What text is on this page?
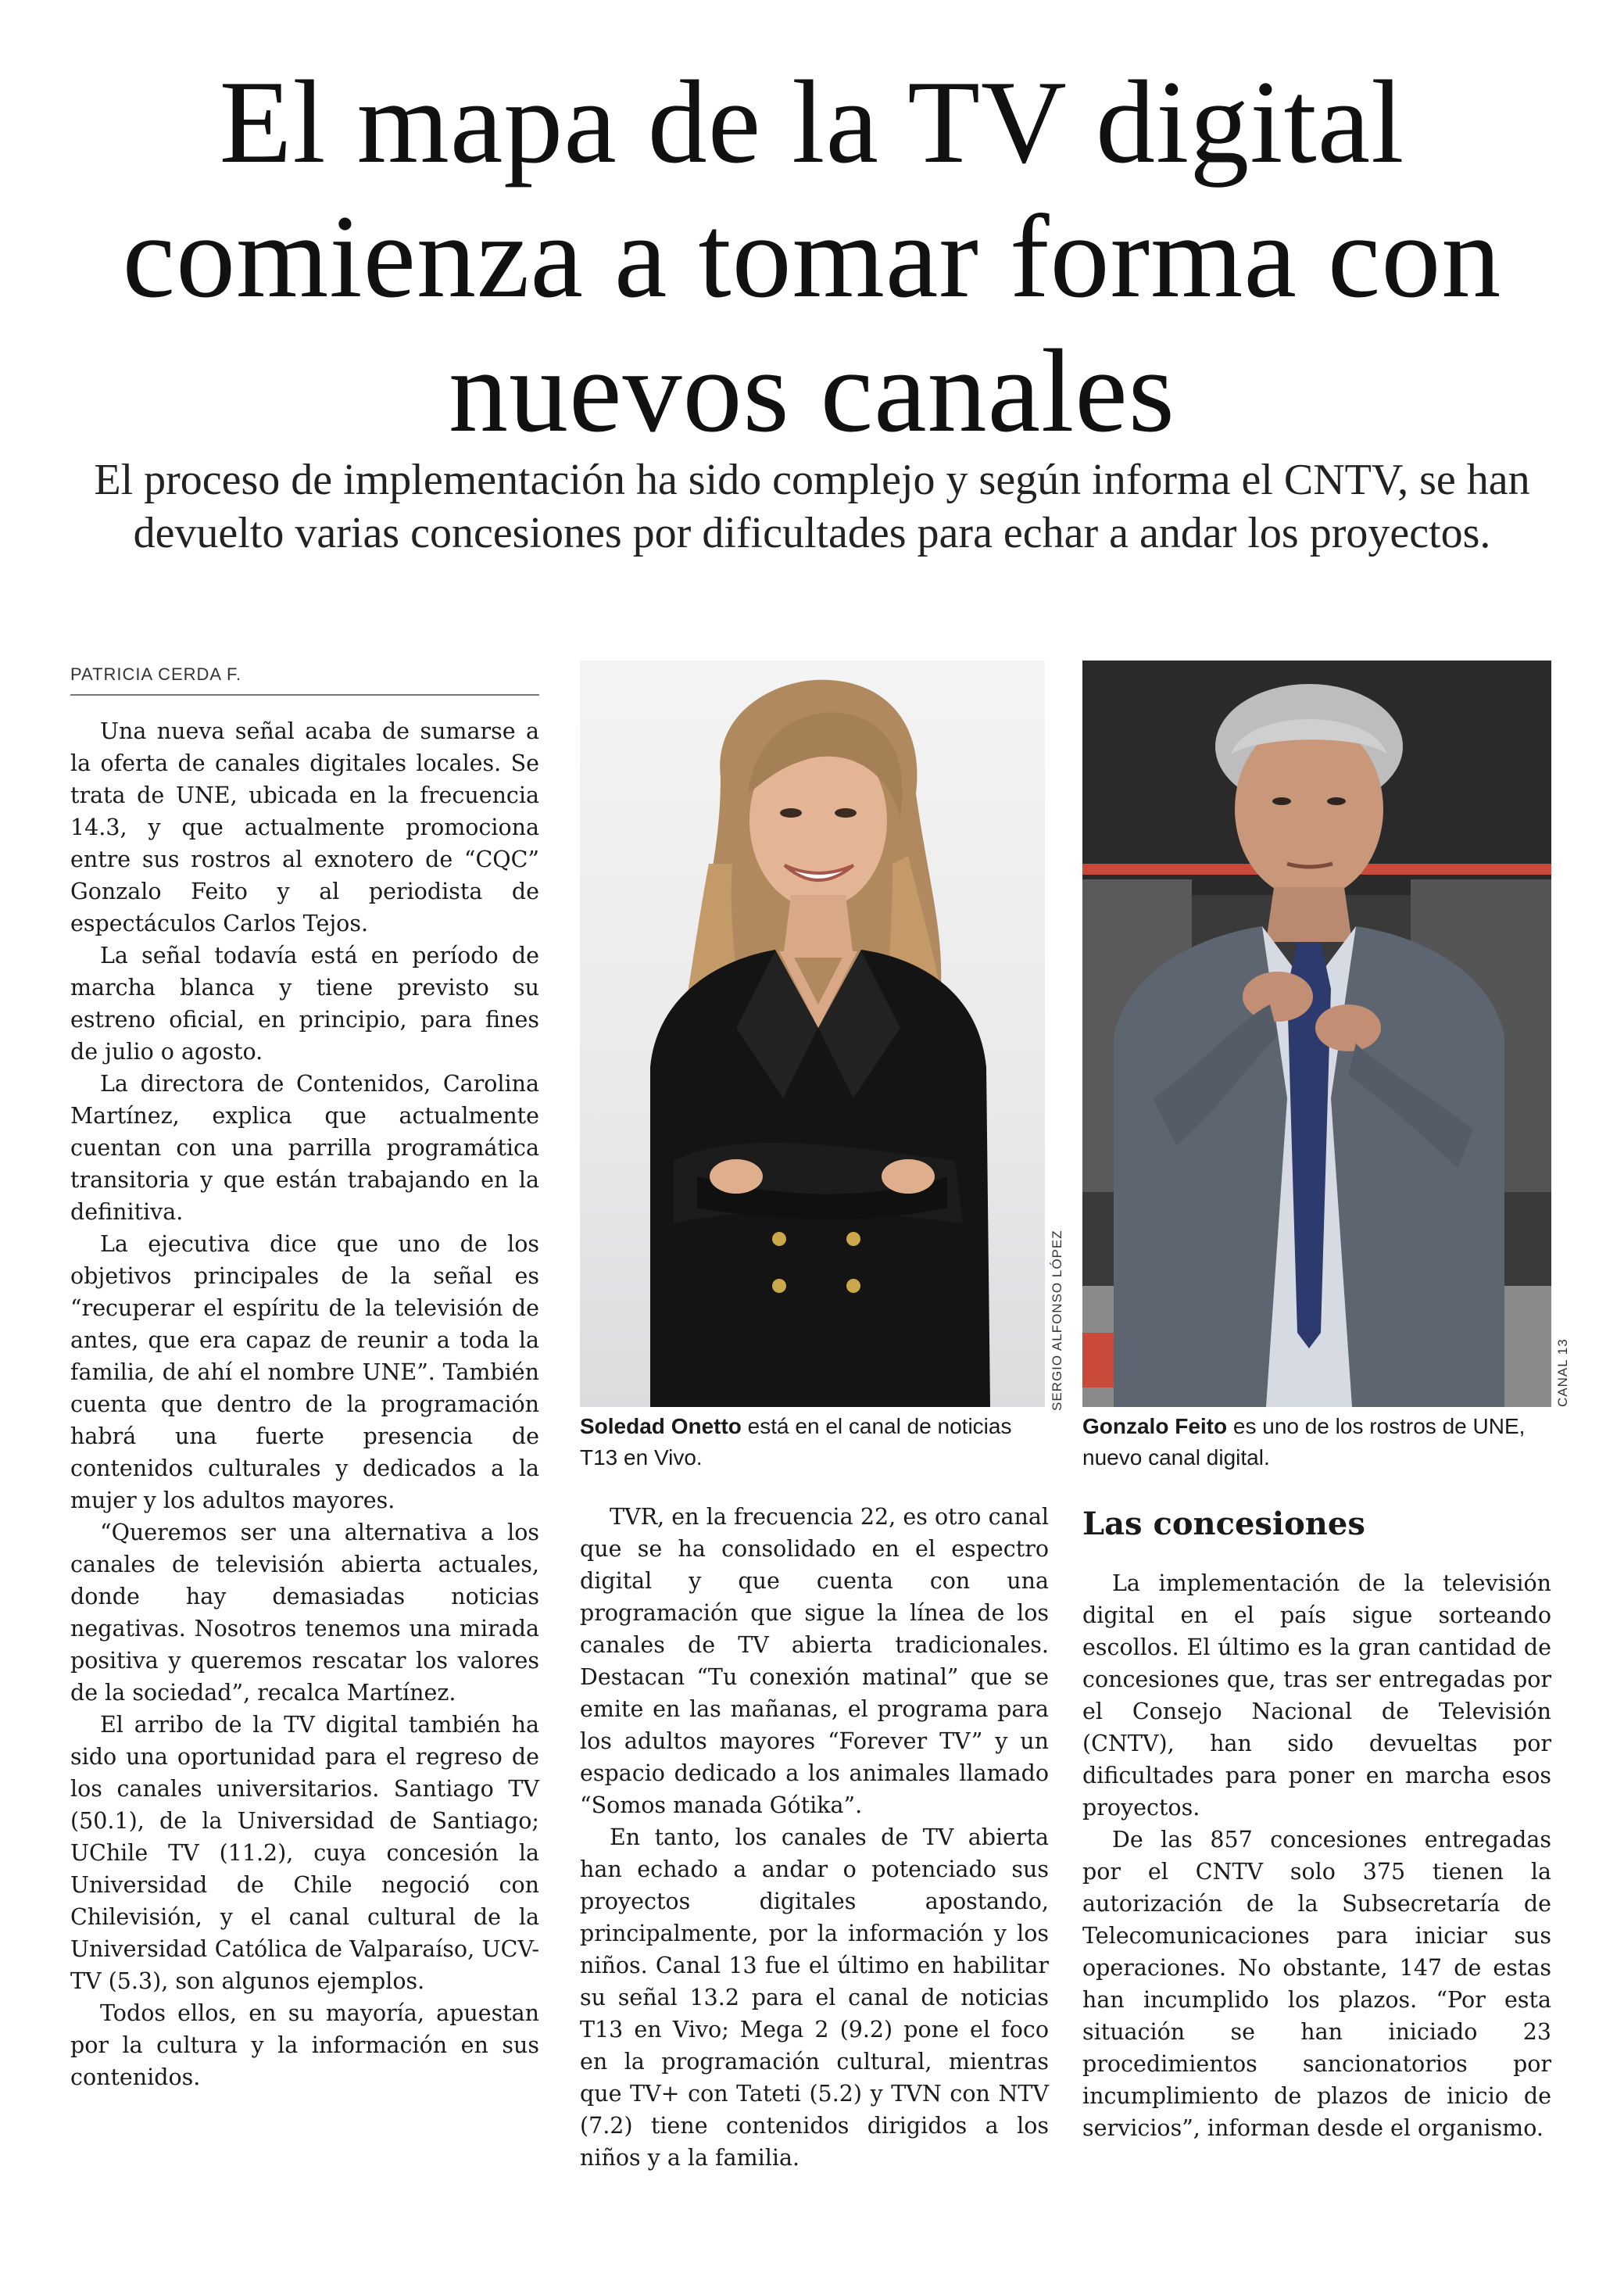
El mapa de la TV digital comienza a tomar forma con nuevos canales

El proceso de implementación ha sido complejo y según informa el CNTV, se han devuelto varias concesiones por dificultades para echar a andar los proyectos.

PATRICIA CERDA F.

Una nueva señal acaba de sumarse a la oferta de canales digitales locales. Se trata de UNE, ubicada en la frecuencia 14.3, y que actualmente promociona entre sus rostros al exnotero de “CQC” Gonzalo Feito y al periodista de espectáculos Carlos Tejos.

La señal todavía está en período de marcha blanca y tiene previsto su estreno oficial, en principio, para fines de julio o agosto.

La directora de Contenidos, Carolina Martínez, explica que actualmente cuentan con una parrilla programática transitoria y que están trabajando en la definitiva.

La ejecutiva dice que uno de los objetivos principales de la señal es “recuperar el espíritu de la televisión de antes, que era capaz de reunir a toda la familia, de ahí el nombre UNE”. También cuenta que dentro de la programación habrá una fuerte presencia de contenidos culturales y dedicados a la mujer y los adultos mayores.

“Queremos ser una alternativa a los canales de televisión abierta actuales, donde hay demasiadas noticias negativas. Nosotros tenemos una mirada positiva y queremos rescatar los valores de la sociedad”, recalca Martínez.

El arribo de la TV digital también ha sido una oportunidad para el regreso de los canales universitarios. Santiago TV (50.1), de la Universidad de Santiago; UChile TV (11.2), cuya concesión la Universidad de Chile negoció con Chilevisión, y el canal cultural de la Universidad Católica de Valparaíso, UCV-TV (5.3), son algunos ejemplos.

Todos ellos, en su mayoría, apuestan por la cultura y la información en sus contenidos.

SERGIO ALFONSO LÓPEZ	CANAL 13
Soledad Onetto está en el canal de noticias T13 en Vivo.
Gonzalo Feito es uno de los rostros de UNE, nuevo canal digital.

TVR, en la frecuencia 22, es otro canal que se ha consolidado en el espectro digital y que cuenta con una programación que sigue la línea de los canales de TV abierta tradicionales. Destacan “Tu conexión matinal” que se emite en las mañanas, el programa para los adultos mayores “Forever TV” y un espacio dedicado a los animales llamado “Somos manada Gótika”.

En tanto, los canales de TV abierta han echado a andar o potenciado sus proyectos digitales apostando, principalmente, por la información y los niños. Canal 13 fue el último en habilitar su señal 13.2 para el canal de noticias T13 en Vivo; Mega 2 (9.2) pone el foco en la programación cultural, mientras que TV+ con Tateti (5.2) y TVN con NTV (7.2) tiene contenidos dirigidos a los niños y a la familia.

Las concesiones

La implementación de la televisión digital en el país sigue sorteando escollos. El último es la gran cantidad de concesiones que, tras ser entregadas por el Consejo Nacional de Televisión (CNTV), han sido devueltas por dificultades para poner en marcha esos proyectos.

De las 857 concesiones entregadas por el CNTV solo 375 tienen la autorización de la Subsecretaría de Telecomunicaciones para iniciar sus operaciones. No obstante, 147 de estas han incumplido los plazos. “Por esta situación se han iniciado 23 procedimientos sancionatorios por incumplimiento de plazos de inicio de servicios”, informan desde el organismo.
